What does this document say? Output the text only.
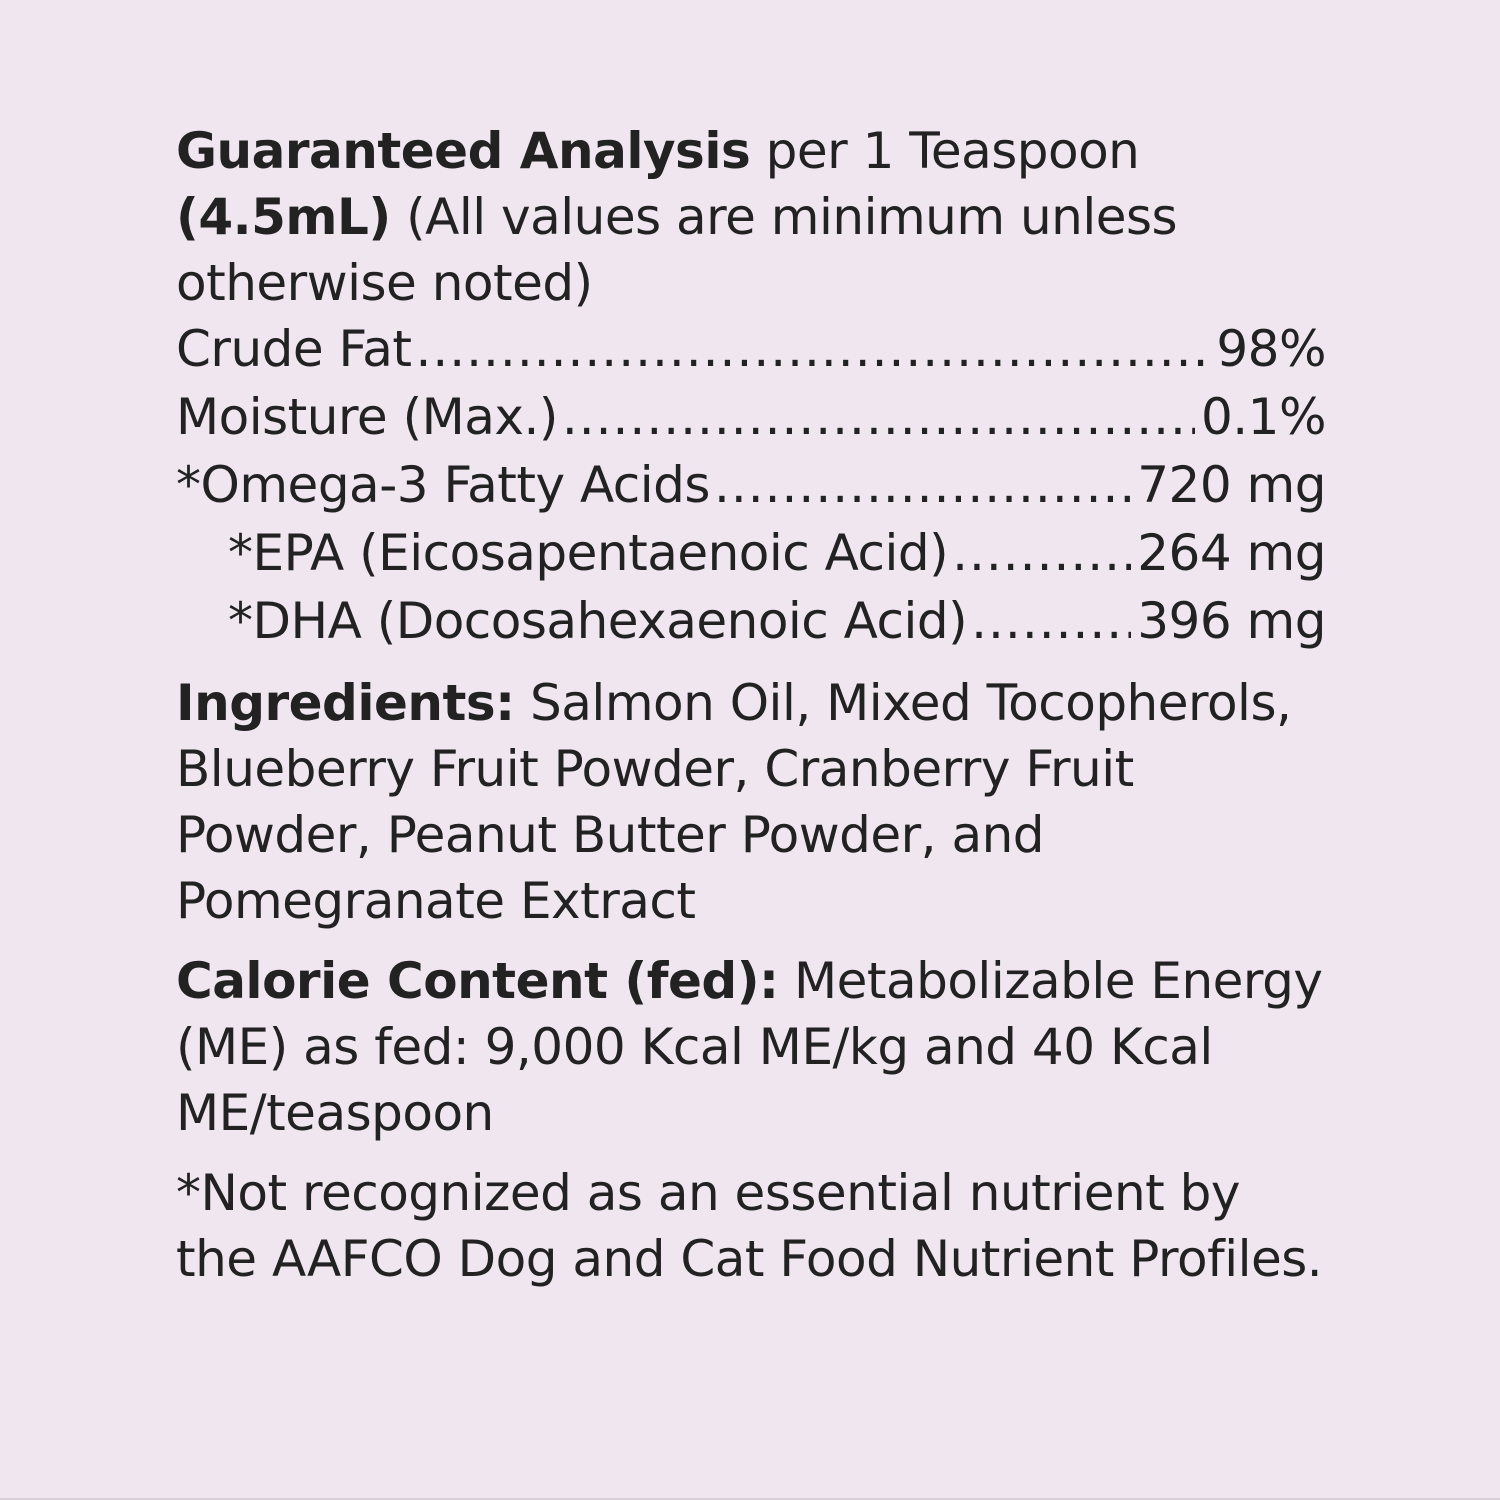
Guaranteed Analysis per 1 Teaspoon (4.5mL) (All values are minimum unless otherwise noted)

Crude Fat .....	98%
Moisture (Max.) .....	0.1%
*Omega-3 Fatty Acids .....	720 mg
*EPA (Eicosapentaenoic Acid) .....	264 mg
*DHA (Docosahexaenoic Acid) .....	396 mg

Ingredients: Salmon Oil, Mixed Tocopherols, Blueberry Fruit Powder, Cranberry Fruit Powder, Peanut Butter Powder, and Pomegranate Extract

Calorie Content (fed): Metabolizable Energy (ME) as fed: 9,000 Kcal ME/kg and 40 Kcal ME/teaspoon

*Not recognized as an essential nutrient by the AAFCO Dog and Cat Food Nutrient Profiles.
